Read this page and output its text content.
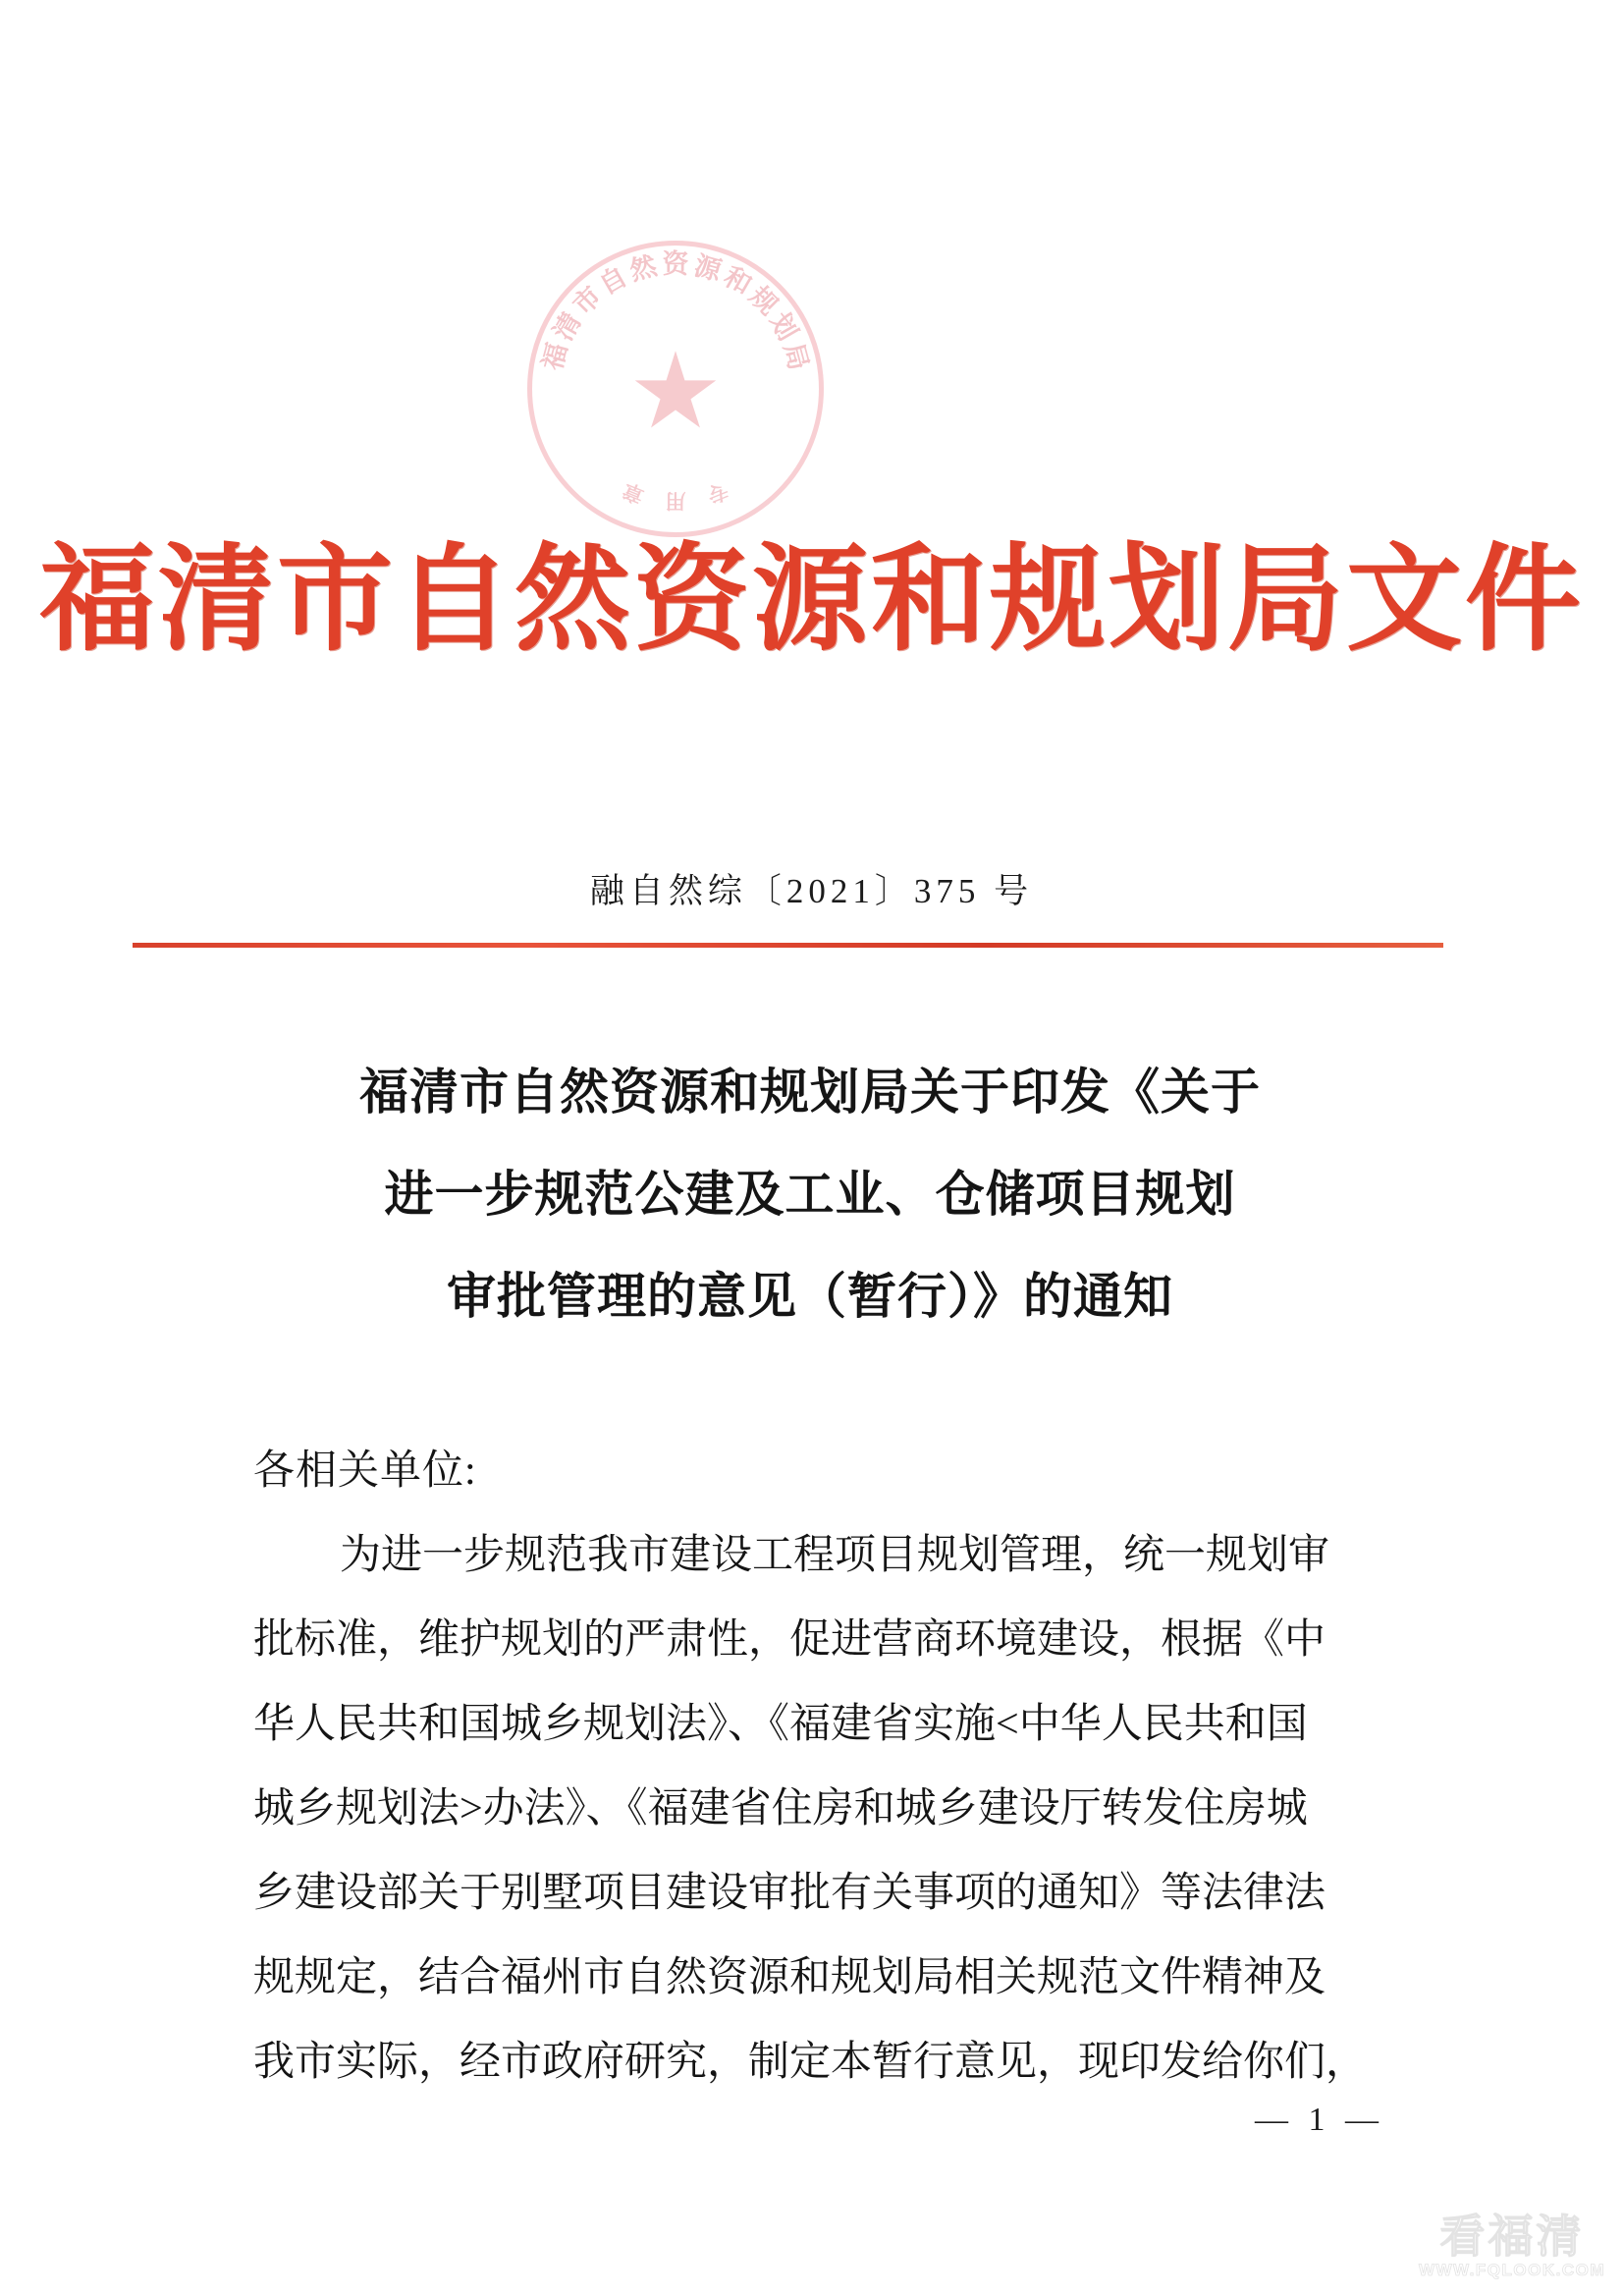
福
清
市
自
然 资 源
和
规
划
局
专
用
章
福清市自然资源和规划局文件
融自然综〔2021〕375 号
福清市自然资源和规划局关于印发《关于
进一步规范公建及工业、仓储项目规划
审批管理的意见（暂行）》的通知
各相关单位:
为进一步规范我市建设工程项目规划管理，统一规划审
批标准，维护规划的严肃性，促进营商环境建设，根据《中
华人民共和国城乡规划法》、《福建省实施<中华人民共和国
城乡规划法>办法》、《福建省住房和城乡建设厅转发住房城
乡建设部关于别墅项目建设审批有关事项的通知》等法律法
规规定，结合福州市自然资源和规划局相关规范文件精神及
我市实际，经市政府研究，制定本暂行意见，现印发给你们，
— 1 —
看福清
WWW.FQLOOK.COM
